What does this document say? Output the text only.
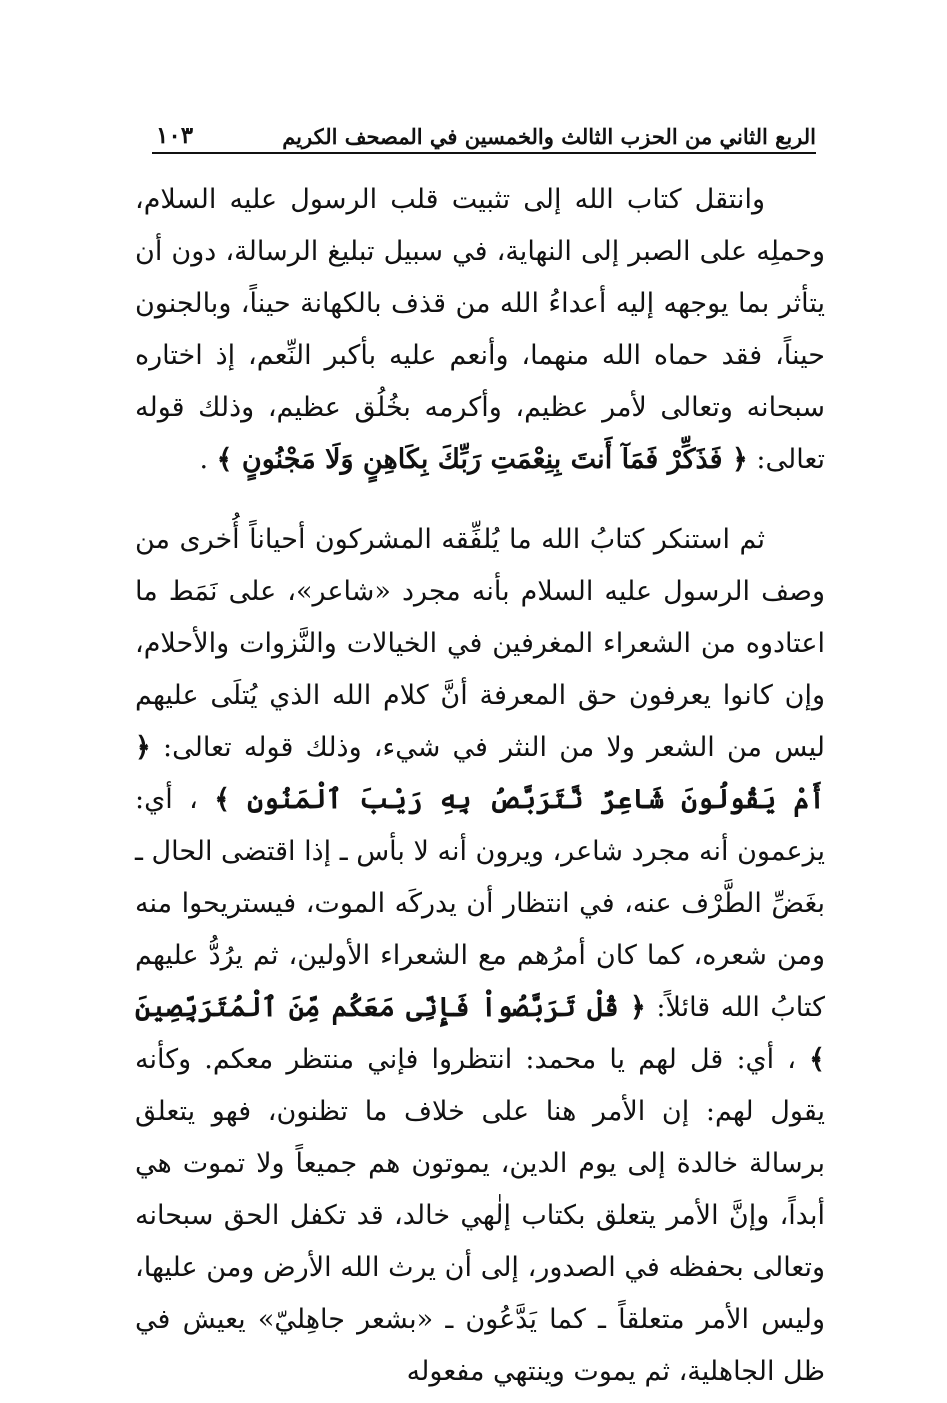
الربع الثاني من الحزب الثالث والخمسين في المصحف الكريم
١٠٣

وانتقل كتاب الله إلى تثبيت قلب الرسول عليه السلام، وحملِه على الصبر إلى النهاية، في سبيل تبليغ الرسالة، دون أن يتأثر بما يوجهه إليه أعداءُ الله من قذف بالكهانة حيناً، وبالجنون حيناً، فقد حماه الله منهما، وأنعم عليه بأكبر النِّعم، إذ اختاره سبحانه وتعالى لأمر عظيم، وأكرمه بخُلُق عظيم، وذلك قوله تعالى: ﴿ فَذَكِّرْ فَمَآ أَنتَ بِنِعْمَتِ رَبِّكَ بِكَاهِنٍ وَلَا مَجْنُونٍ ﴾ .

ثم استنكر كتابُ الله ما يُلفِّقه المشركون أحياناً أُخرى من وصف الرسول عليه السلام بأنه مجرد «شاعر»، على نَمَط ما اعتادوه من الشعراء المغرفين في الخيالات والنَّزوات والأحلام، وإن كانوا يعرفون حق المعرفة أنَّ كلام الله الذي يُتلَى عليهم ليس من الشعر ولا من النثر في شيء، وذلك قوله تعالى: ﴿ أَمْ يَقُولُونَ شَاعِرٌ نَّتَرَبَّصُ بِهِ رَيْبَ ٱلْمَنُونِ ﴾ ، أي: يزعمون أنه مجرد شاعر، ويرون أنه لا بأس ـ إذا اقتضى الحال ـ بغَضِّ الطَّرْف عنه، في انتظار أن يدركَه الموت، فيستريحوا منه ومن شعره، كما كان أمرُهم مع الشعراء الأولين، ثم يرُدُّ عليهم كتابُ الله قائلاً: ﴿ قُلْ تَرَبَّصُواْ فَإِنِّى مَعَكُم مِّنَ ٱلْمُتَرَبِّصِينَ ﴾ ، أي: قل لهم يا محمد: انتظروا فإني منتظر معكم. وكأنه يقول لهم: إن الأمر هنا على خلاف ما تظنون، فهو يتعلق برسالة خالدة إلى يوم الدين، يموتون هم جميعاً ولا تموت هي أبداً، وإنَّ الأمر يتعلق بكتاب إلٰهي خالد، قد تكفل الحق سبحانه وتعالى بحفظه في الصدور، إلى أن يرث الله الأرض ومن عليها، وليس الأمر متعلقاً ـ كما يَدَّعُون ـ «بشعر جاهِليّ» يعيش في ظل الجاهلية، ثم يموت وينتهي مفعوله
